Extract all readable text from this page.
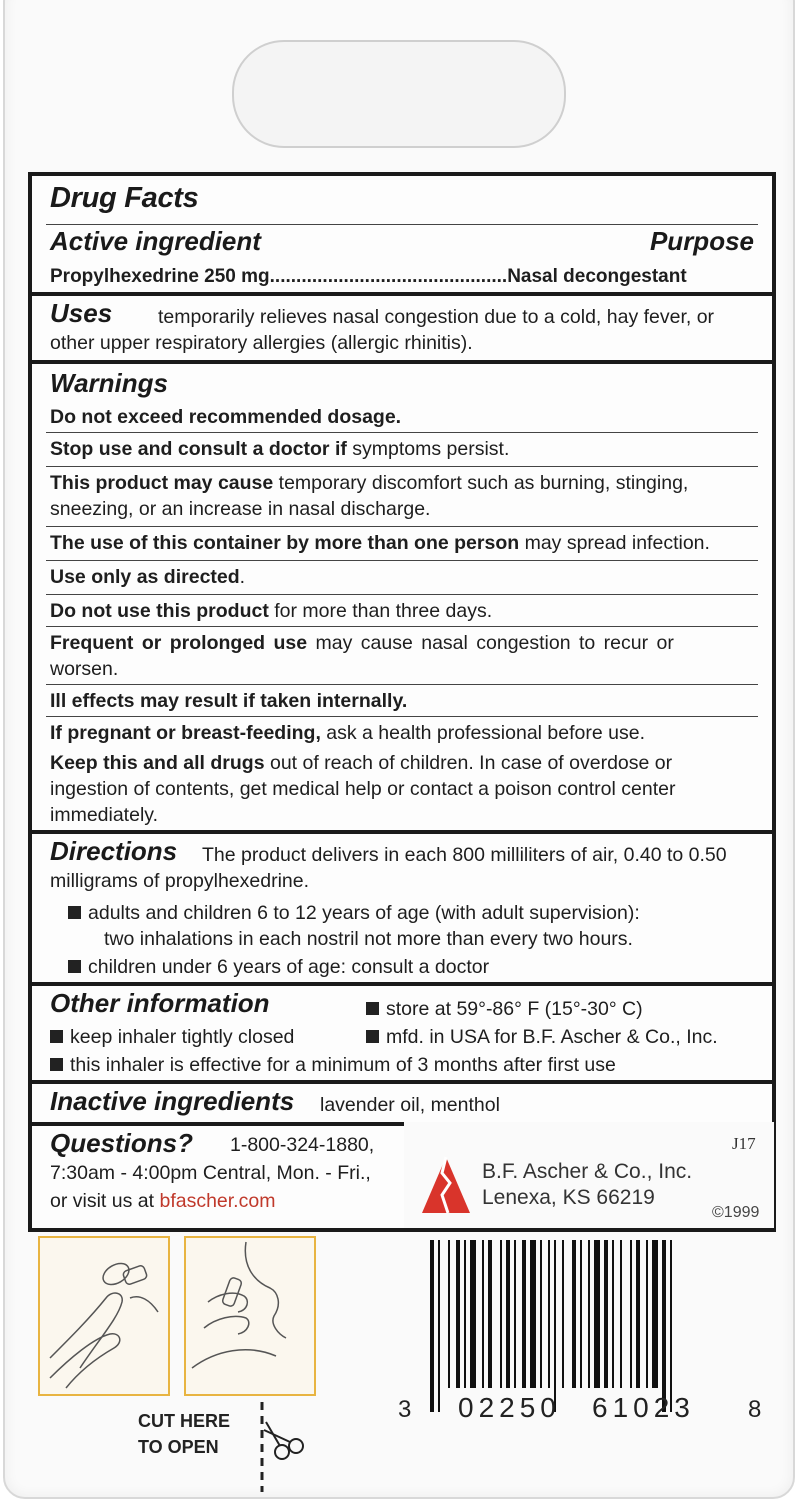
Drug Facts
Active ingredient	Purpose
Propylhexedrine 250 mg.............................................Nasal decongestant
Uses temporarily relieves nasal congestion due to a cold, hay fever, or
other upper respiratory allergies (allergic rhinitis).
Warnings
Do not exceed recommended dosage.
Stop use and consult a doctor if symptoms persist.
This product may cause temporary discomfort such as burning, stinging,
sneezing, or an increase in nasal discharge.
The use of this container by more than one person may spread infection.
Use only as directed.
Do not use this product for more than three days.
Frequent or prolonged use may cause nasal congestion to recur or
worsen.
Ill effects may result if taken internally.
If pregnant or breast-feeding, ask a health professional before use.
Keep this and all drugs out of reach of children. In case of overdose or
ingestion of contents, get medical help or contact a poison control center
immediately.
Directions The product delivers in each 800 milliliters of air, 0.40 to 0.50
milligrams of propylhexedrine.
adults and children 6 to 12 years of age (with adult supervision):
two inhalations in each nostril not more than every two hours.
children under 6 years of age: consult a doctor
Other information	store at 59°-86° F (15°-30° C)
keep inhaler tightly closed	mfd. in USA for B.F. Ascher & Co., Inc.
this inhaler is effective for a minimum of 3 months after first use
Inactive ingredients lavender oil, menthol
Questions? 1-800-324-1880,
7:30am - 4:00pm Central, Mon. - Fri.,
or visit us at bfascher.com
J17
B.F. Ascher & Co., Inc.
Lenexa, KS 66219
©1999
3 02250 61023 8
CUT HERE
TO OPEN
